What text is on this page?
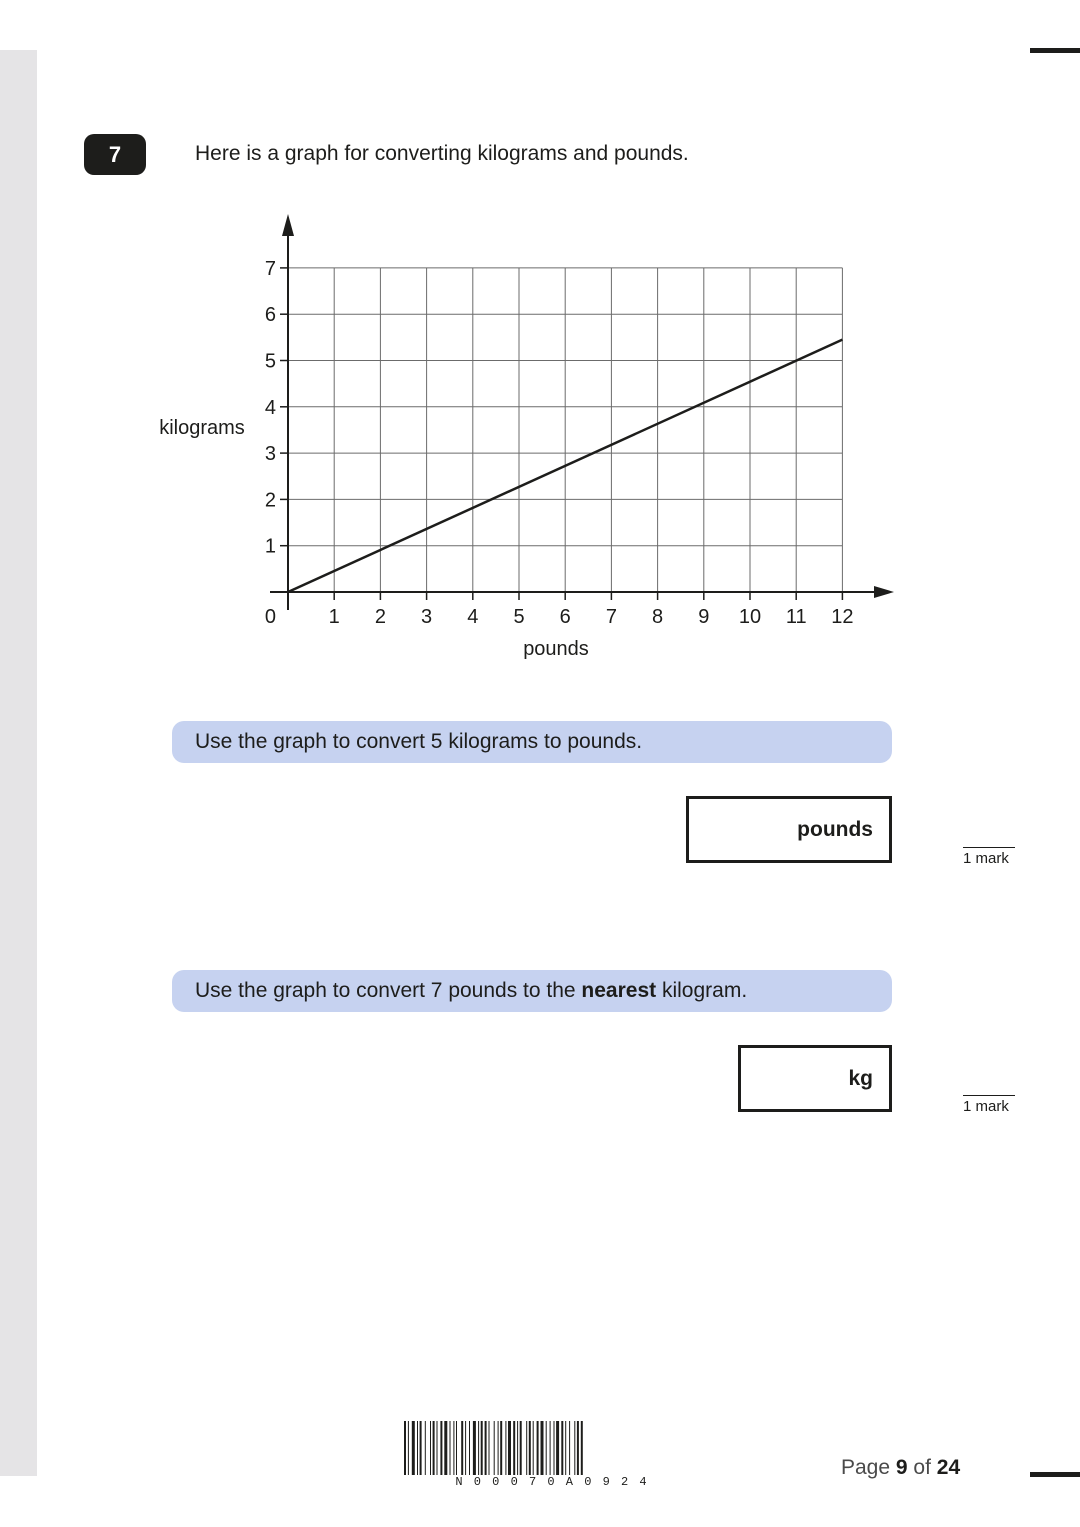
7	Here is a graph for converting kilograms and pounds.
1 2 3 4 5 6 7 8 9 10 11 12
1
2
3
4
5
6
7
0
pounds
kilograms
Use the graph to convert 5 kilograms to pounds.
pounds
1 mark
Use the graph to convert 7 pounds to the nearest kilogram.
kg
1 mark
N 0 0 0 7 0 A 0 9 2 4
Page 9 of 24
